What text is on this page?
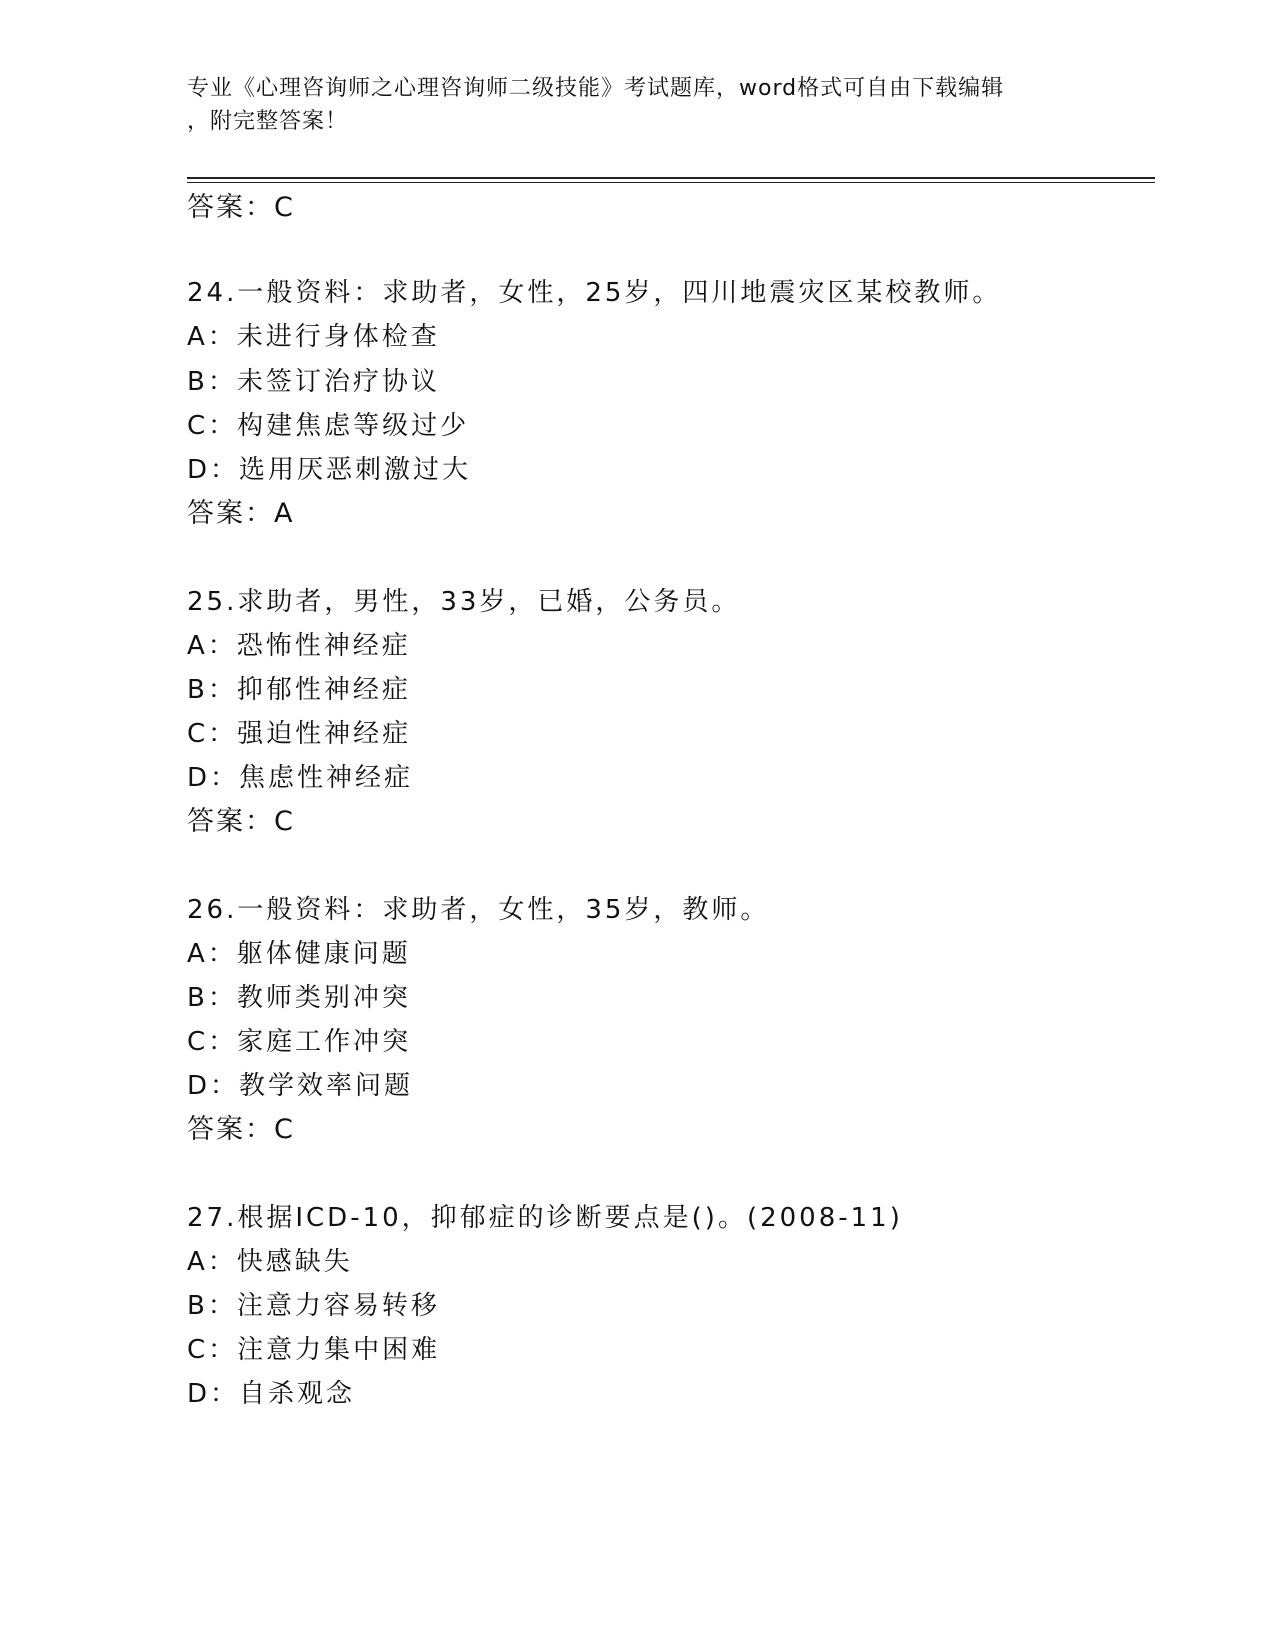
专业《心理咨询师之心理咨询师二级技能》考试题库，word格式可自由下载编辑
，附完整答案！
答案：C
24.一般资料：求助者，女性，25岁，四川地震灾区某校教师。
A：未进行身体检查
B：未签订治疗协议
C：构建焦虑等级过少
D：选用厌恶刺激过大
答案：A
25.求助者，男性，33岁，已婚，公务员。
A：恐怖性神经症
B：抑郁性神经症
C：强迫性神经症
D：焦虑性神经症
答案：C
26.一般资料：求助者，女性，35岁，教师。
A：躯体健康问题
B：教师类别冲突
C：家庭工作冲突
D：教学效率问题
答案：C
27.根据ICD-10，抑郁症的诊断要点是()。(2008-11)
A：快感缺失
B：注意力容易转移
C：注意力集中困难
D：自杀观念
